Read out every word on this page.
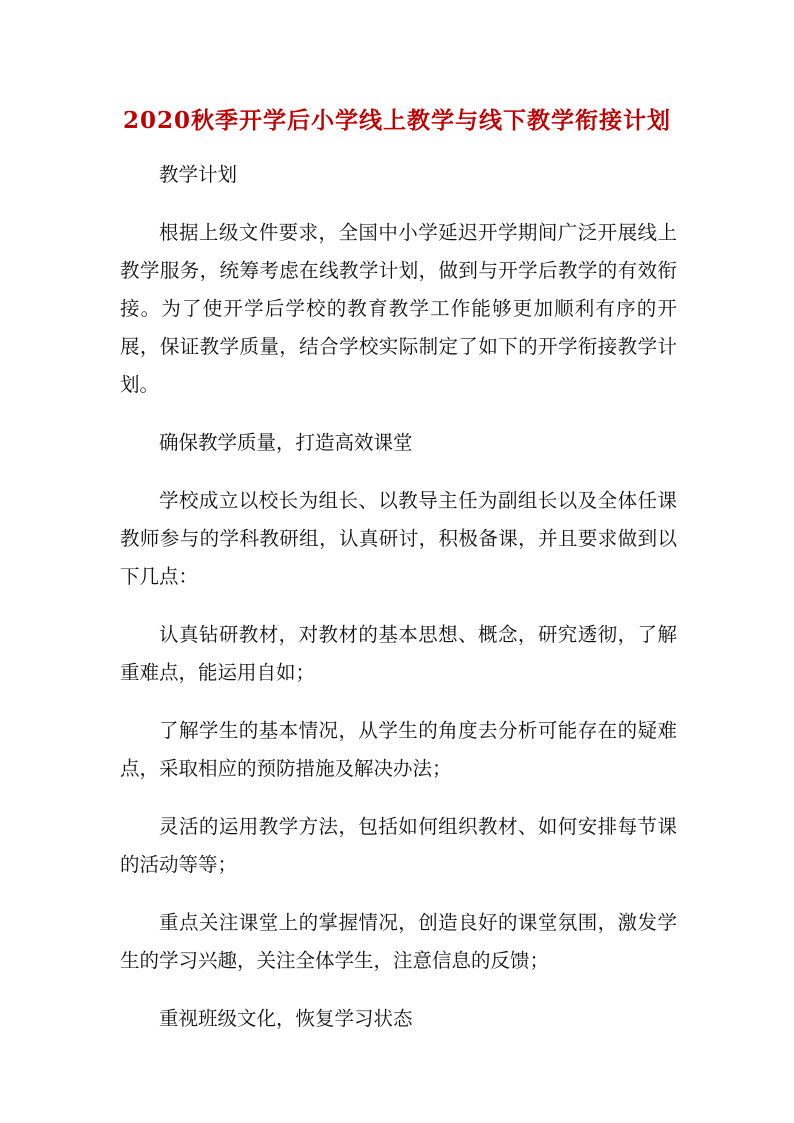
2020秋季开学后小学线上教学与线下教学衔接计划

教学计划

根据上级文件要求，全国中小学延迟开学期间广泛开展线上教学服务，统筹考虑在线教学计划，做到与开学后教学的有效衔接。为了使开学后学校的教育教学工作能够更加顺利有序的开展，保证教学质量，结合学校实际制定了如下的开学衔接教学计划。

确保教学质量，打造高效课堂

学校成立以校长为组长、以教导主任为副组长以及全体任课教师参与的学科教研组，认真研讨，积极备课，并且要求做到以下几点：

认真钻研教材，对教材的基本思想、概念，研究透彻，了解重难点，能运用自如；

了解学生的基本情况，从学生的角度去分析可能存在的疑难点，采取相应的预防措施及解决办法；

灵活的运用教学方法，包括如何组织教材、如何安排每节课的活动等等；

重点关注课堂上的掌握情况，创造良好的课堂氛围，激发学生的学习兴趣，关注全体学生，注意信息的反馈；

重视班级文化，恢复学习状态
